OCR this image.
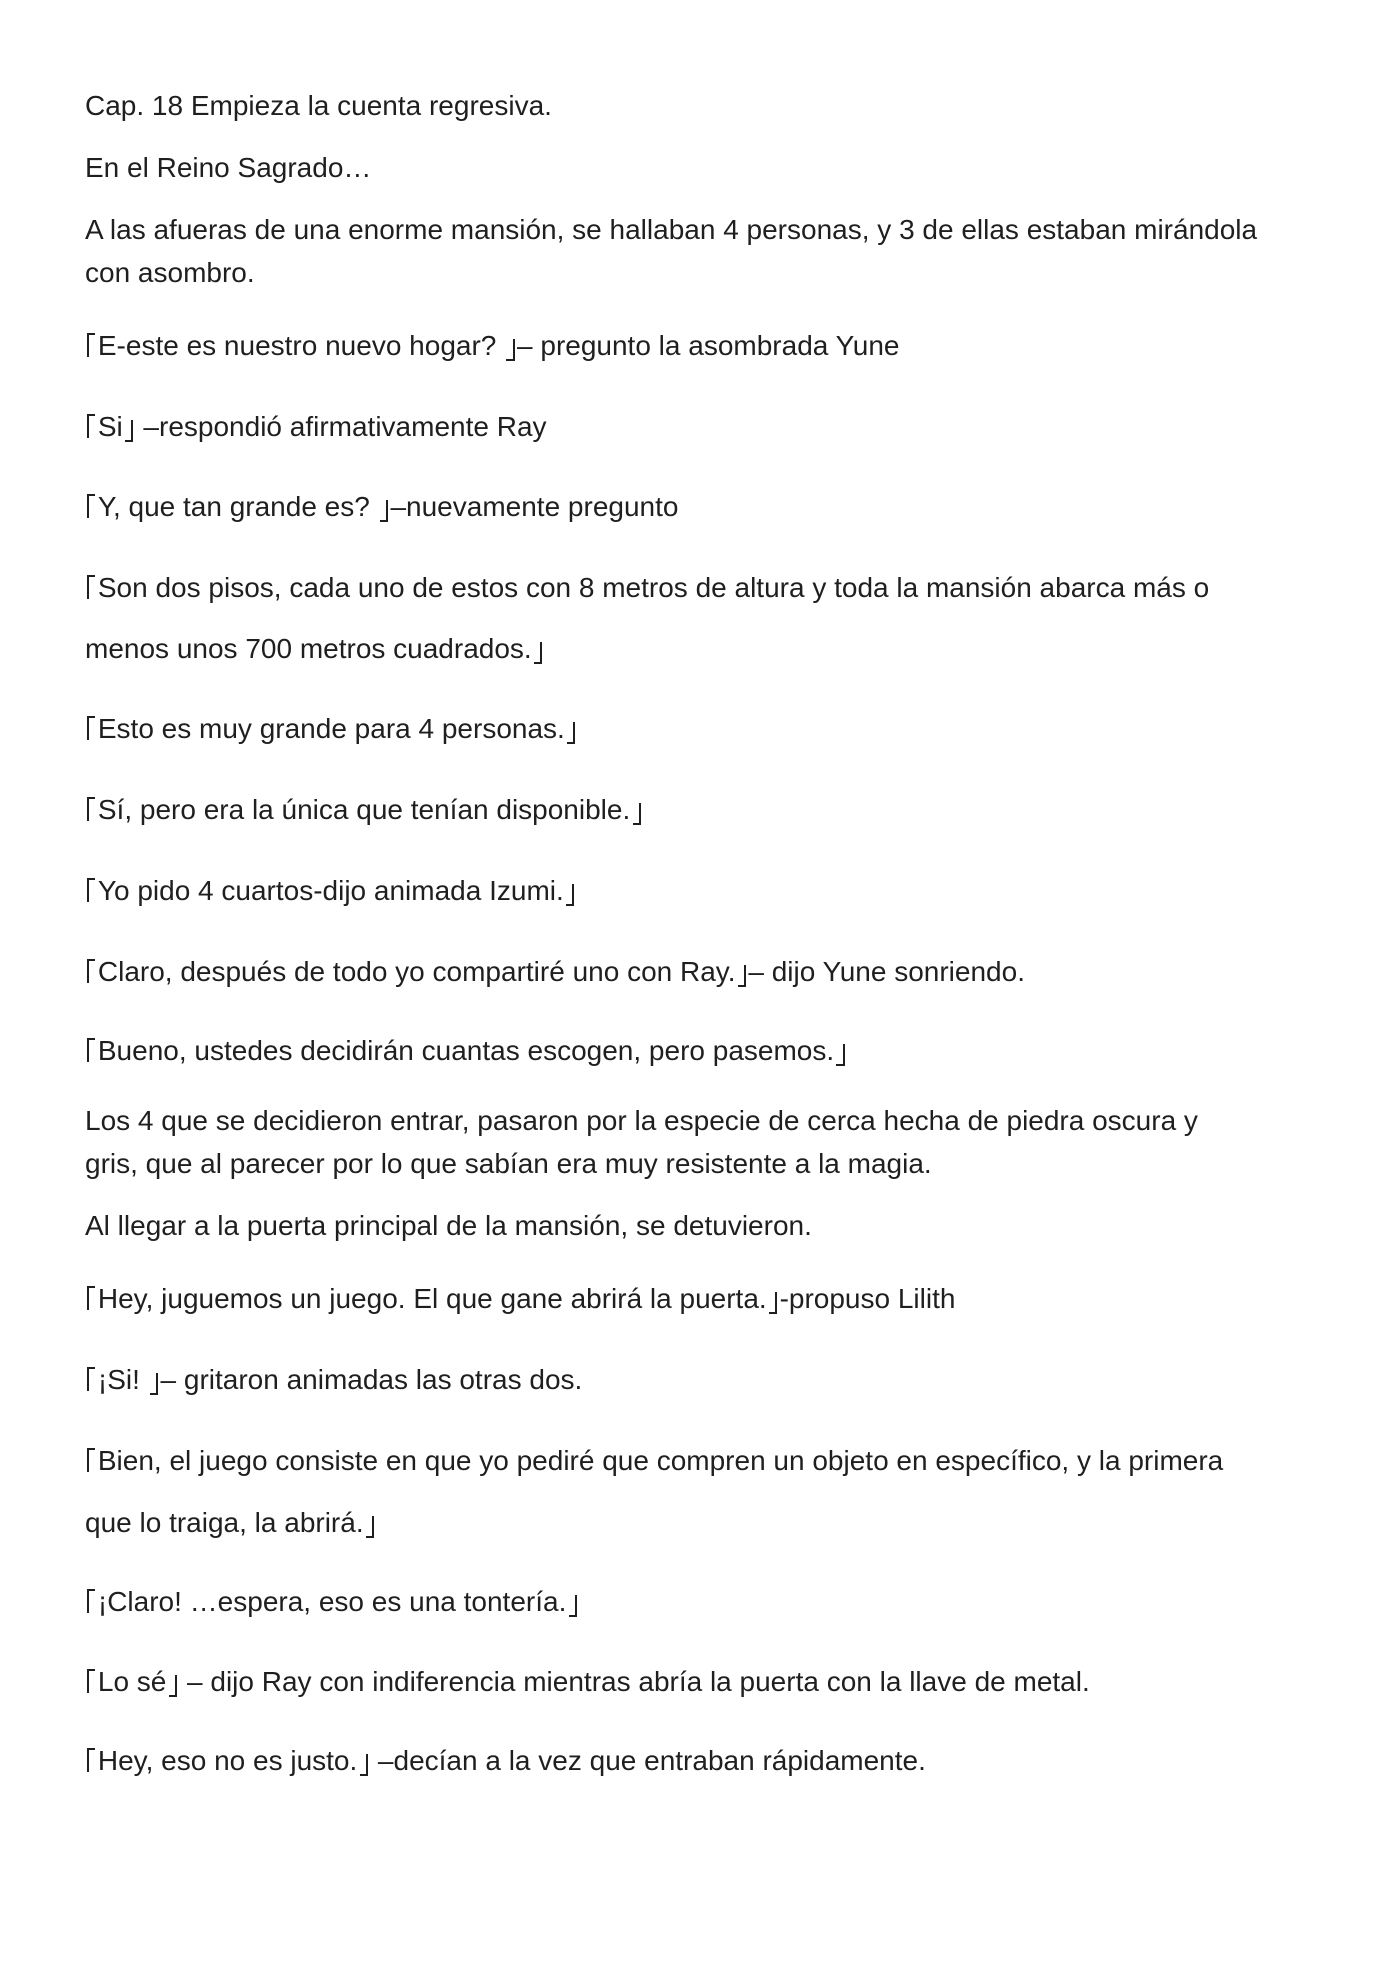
Cap. 18 Empieza la cuenta regresiva.
En el Reino Sagrado…
A las afueras de una enorme mansión, se hallaban 4 personas, y 3 de ellas estaban mirándola
con asombro.
E-este es nuestro nuevo hogar? – pregunto la asombrada Yune
Si –respondió afirmativamente Ray
Y, que tan grande es? –nuevamente pregunto
Son dos pisos, cada uno de estos con 8 metros de altura y toda la mansión abarca más o
menos unos 700 metros cuadrados.
Esto es muy grande para 4 personas.
Sí, pero era la única que tenían disponible.
Yo pido 4 cuartos-dijo animada Izumi.
Claro, después de todo yo compartiré uno con Ray. – dijo Yune sonriendo.
Bueno, ustedes decidirán cuantas escogen, pero pasemos.
Los 4 que se decidieron entrar, pasaron por la especie de cerca hecha de piedra oscura y
gris, que al parecer por lo que sabían era muy resistente a la magia.
Al llegar a la puerta principal de la mansión, se detuvieron.
Hey, juguemos un juego. El que gane abrirá la puerta. -propuso Lilith
¡Si! – gritaron animadas las otras dos.
Bien, el juego consiste en que yo pediré que compren un objeto en específico, y la primera
que lo traiga, la abrirá.
¡Claro! …espera, eso es una tontería.
Lo sé – dijo Ray con indiferencia mientras abría la puerta con la llave de metal.
Hey, eso no es justo. –decían a la vez que entraban rápidamente.
